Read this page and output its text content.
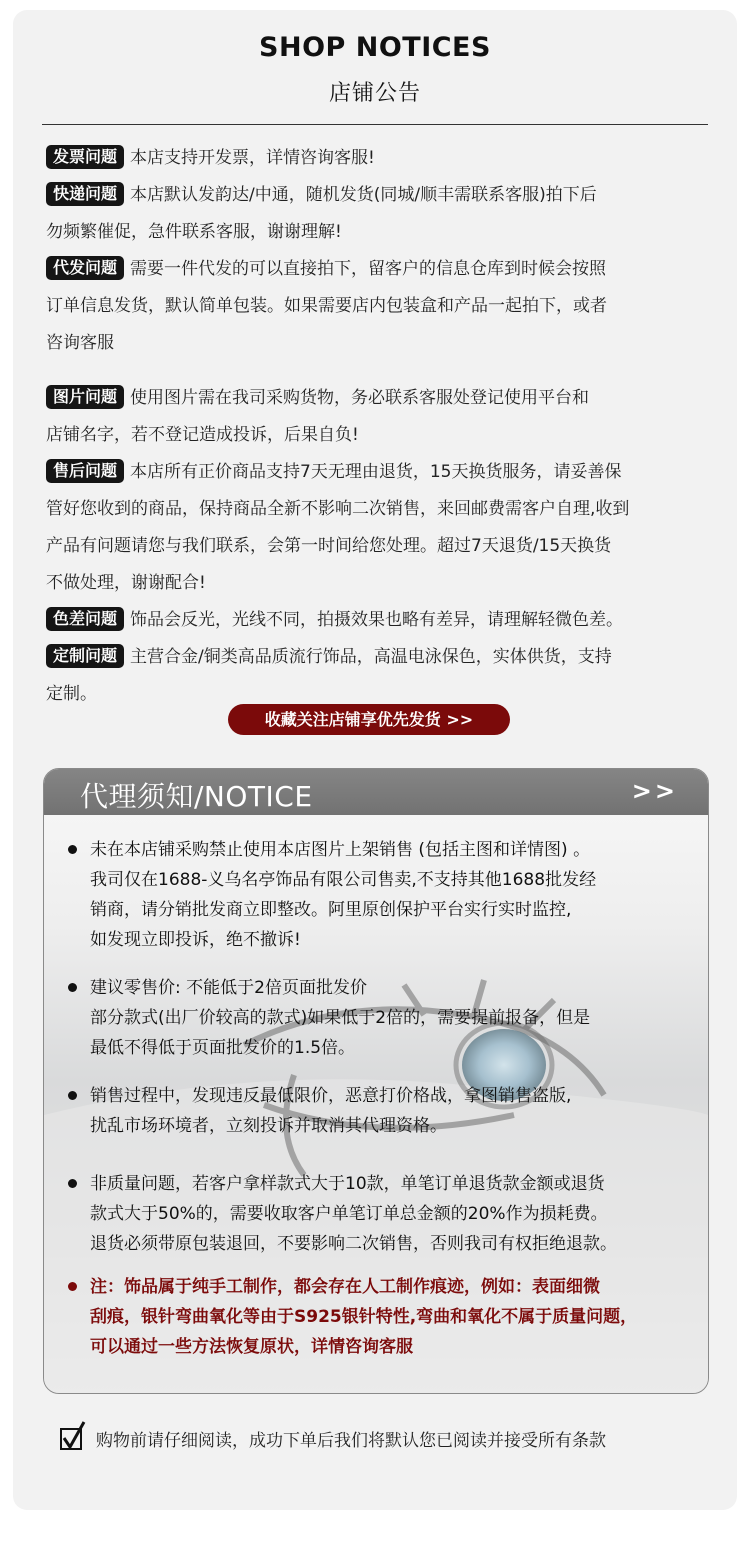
SHOP NOTICES
店铺公告
发票问题 本店支持开发票，详情咨询客服!
快递问题 本店默认发韵达/中通，随机发货(同城/顺丰需联系客服)拍下后
勿频繁催促，急件联系客服，谢谢理解!
代发问题 需要一件代发的可以直接拍下，留客户的信息仓库到时候会按照
订单信息发货，默认简单包装。如果需要店内包装盒和产品一起拍下，或者
咨询客服
图片问题 使用图片需在我司采购货物，务必联系客服处登记使用平台和
店铺名字，若不登记造成投诉，后果自负!
售后问题 本店所有正价商品支持7天无理由退货，15天换货服务，请妥善保
管好您收到的商品，保持商品全新不影响二次销售，来回邮费需客户自理,收到
产品有问题请您与我们联系，会第一时间给您处理。超过7天退货/15天换货
不做处理，谢谢配合!
色差问题 饰品会反光，光线不同，拍摄效果也略有差异，请理解轻微色差。
定制问题 主营合金/铜类高品质流行饰品，高温电泳保色，实体供货，支持
定制。
收藏关注店铺享优先发货 >>
代理须知/NOTICE	>>
未在本店铺采购禁止使用本店图片上架销售 (包括主图和详情图) 。
我司仅在1688-义乌名亭饰品有限公司售卖,不支持其他1688批发经
销商，请分销批发商立即整改。阿里原创保护平台实行实时监控,
如发现立即投诉，绝不撤诉!
建议零售价: 不能低于2倍页面批发价
部分款式(出厂价较高的款式)如果低于2倍的，需要提前报备，但是
最低不得低于页面批发价的1.5倍。
销售过程中，发现违反最低限价，恶意打价格战，拿图销售盗版,
扰乱市场环境者，立刻投诉并取消其代理资格。
非质量问题，若客户拿样款式大于10款，单笔订单退货款金额或退货
款式大于50%的，需要收取客户单笔订单总金额的20%作为损耗费。
退货必须带原包装退回，不要影响二次销售，否则我司有权拒绝退款。
注：饰品属于纯手工制作，都会存在人工制作痕迹，例如：表面细微
刮痕，银针弯曲氧化等由于S925银针特性,弯曲和氧化不属于质量问题，
可以通过一些方法恢复原状，详情咨询客服
购物前请仔细阅读，成功下单后我们将默认您已阅读并接受所有条款
